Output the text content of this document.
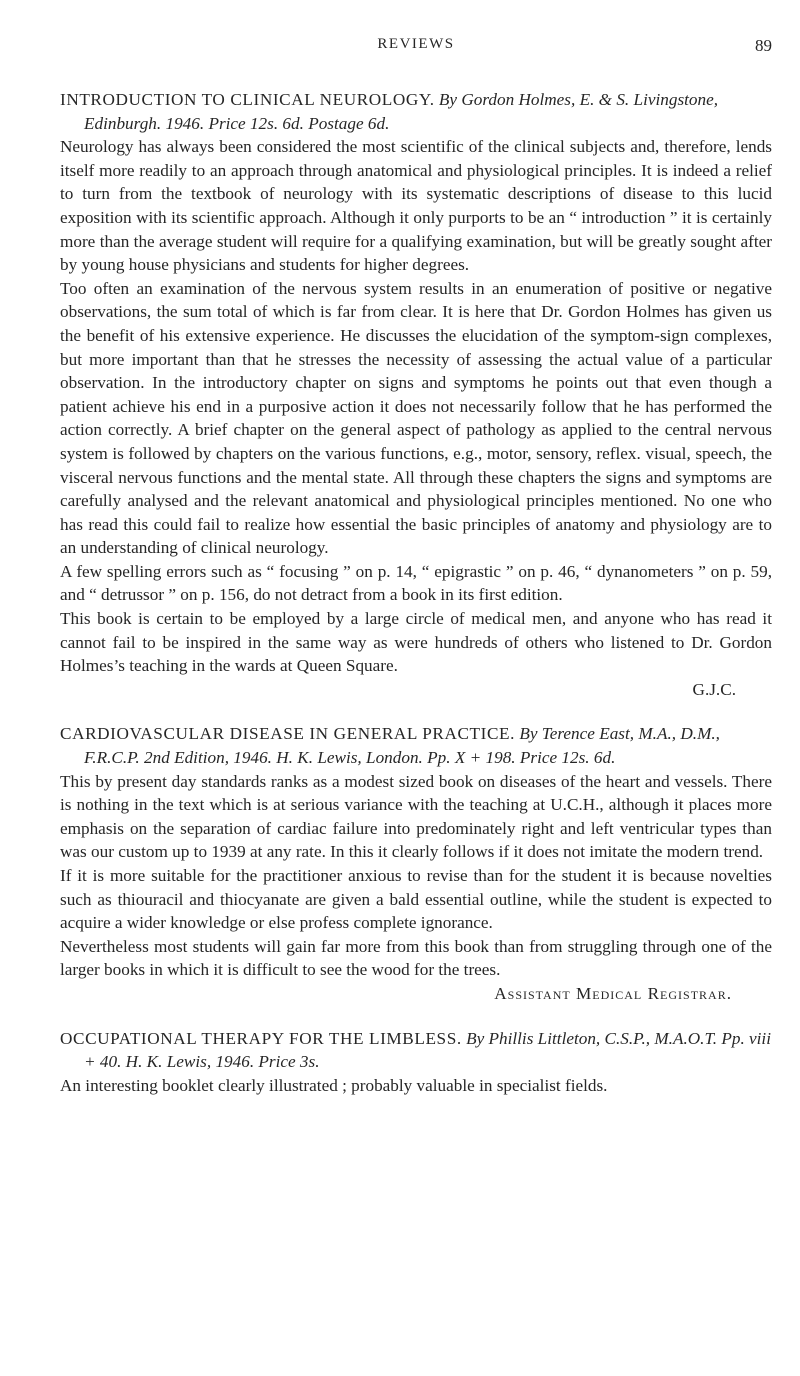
REVIEWS	89

INTRODUCTION TO CLINICAL NEUROLOGY. By Gordon Holmes, E. & S. Livingstone, Edinburgh. 1946. Price 12s. 6d. Postage 6d.

Neurology has always been considered the most scientific of the clinical subjects and, therefore, lends itself more readily to an approach through anatomical and physiological principles. It is indeed a relief to turn from the textbook of neurology with its systematic descriptions of disease to this lucid exposition with its scientific approach. Although it only purports to be an “ introduction ” it is certainly more than the average student will require for a qualifying examination, but will be greatly sought after by young house physicians and students for higher degrees.

Too often an examination of the nervous system results in an enumeration of positive or negative observations, the sum total of which is far from clear. It is here that Dr. Gordon Holmes has given us the benefit of his extensive experience. He discusses the elucidation of the symptom-sign complexes, but more important than that he stresses the necessity of assessing the actual value of a particular observation. In the introductory chapter on signs and symptoms he points out that even though a patient achieve his end in a purposive action it does not necessarily follow that he has performed the action correctly. A brief chapter on the general aspect of pathology as applied to the central nervous system is followed by chapters on the various functions, e.g., motor, sensory, reflex. visual, speech, the visceral nervous functions and the mental state. All through these chapters the signs and symptoms are carefully analysed and the relevant anatomical and physiological principles mentioned. No one who has read this could fail to realize how essential the basic principles of anatomy and physiology are to an understanding of clinical neurology.

A few spelling errors such as “ focusing ” on p. 14, “ epigrastic ” on p. 46, “ dynanometers ” on p. 59, and “ detrussor ” on p. 156, do not detract from a book in its first edition.

This book is certain to be employed by a large circle of medical men, and anyone who has read it cannot fail to be inspired in the same way as were hundreds of others who listened to Dr. Gordon Holmes’s teaching in the wards at Queen Square.

G.J.C.

CARDIOVASCULAR DISEASE IN GENERAL PRACTICE. By Terence East, M.A., D.M., F.R.C.P. 2nd Edition, 1946. H. K. Lewis, London. Pp. X + 198. Price 12s. 6d.

This by present day standards ranks as a modest sized book on diseases of the heart and vessels. There is nothing in the text which is at serious variance with the teaching at U.C.H., although it places more emphasis on the separation of cardiac failure into predominately right and left ventricular types than was our custom up to 1939 at any rate. In this it clearly follows if it does not imitate the modern trend.

If it is more suitable for the practitioner anxious to revise than for the student it is because novelties such as thiouracil and thiocyanate are given a bald essential outline, while the student is expected to acquire a wider knowledge or else profess complete ignorance.

Nevertheless most students will gain far more from this book than from struggling through one of the larger books in which it is difficult to see the wood for the trees.

Assistant Medical Registrar.

OCCUPATIONAL THERAPY FOR THE LIMBLESS. By Phillis Littleton, C.S.P., M.A.O.T. Pp. viii + 40. H. K. Lewis, 1946. Price 3s.

An interesting booklet clearly illustrated ; probably valuable in specialist fields.
